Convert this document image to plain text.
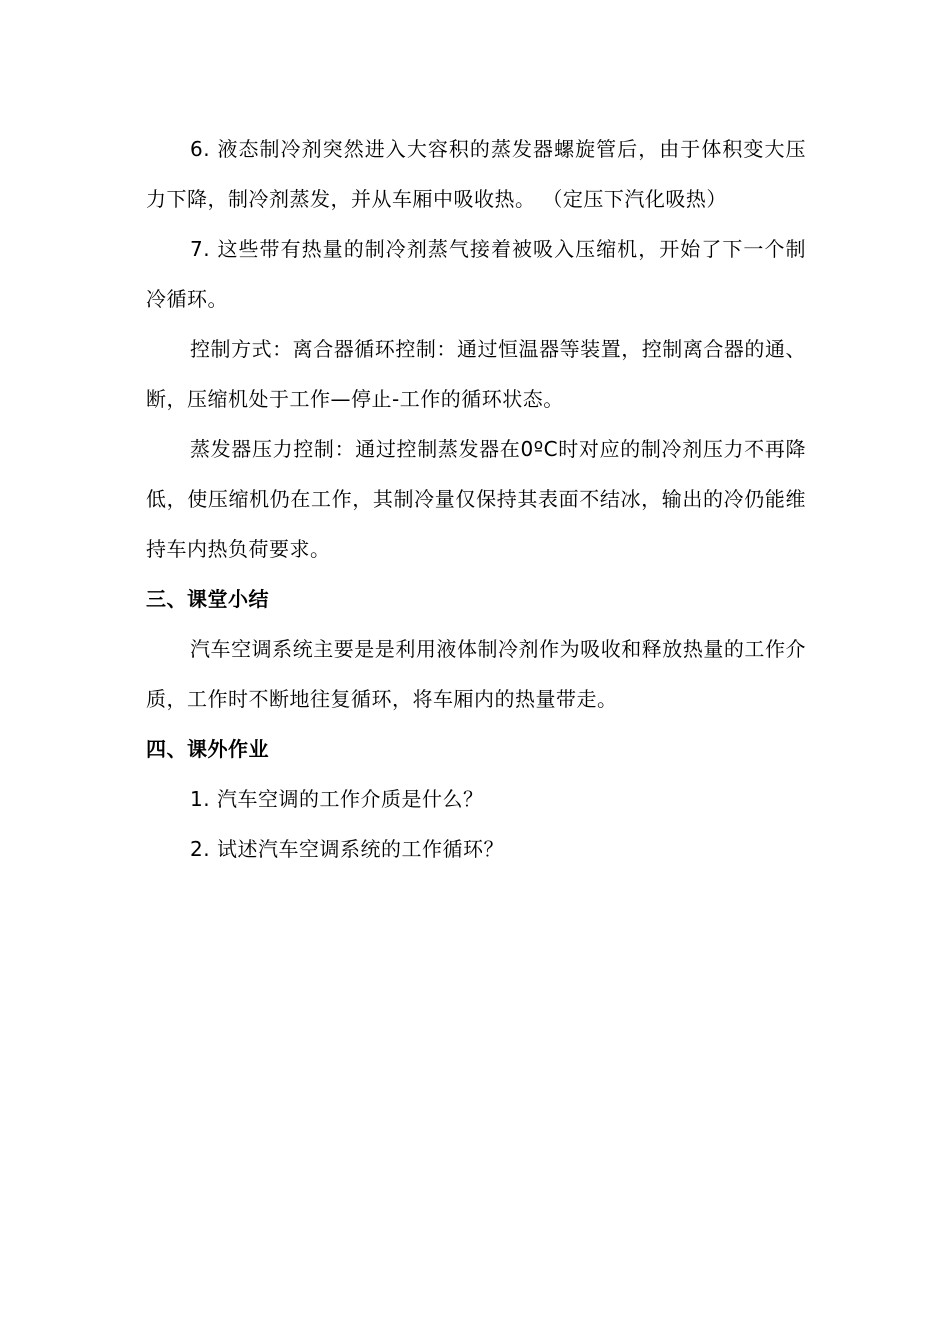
6. 液态制冷剂突然进入大容积的蒸发器螺旋管后，由于体积变大压力下降，制冷剂蒸发，并从车厢中吸收热。 （定压下汽化吸热）

7. 这些带有热量的制冷剂蒸气接着被吸入压缩机，开始了下一个制冷循环。

控制方式：离合器循环控制：通过恒温器等装置，控制离合器的通、断，压缩机处于工作—停止-工作的循环状态。

蒸发器压力控制：通过控制蒸发器在0ºC时对应的制冷剂压力不再降低，使压缩机仍在工作，其制冷量仅保持其表面不结冰，输出的冷仍能维持车内热负荷要求。

三、课堂小结

汽车空调系统主要是是利用液体制冷剂作为吸收和释放热量的工作介质，工作时不断地往复循环，将车厢内的热量带走。

四、课外作业

1. 汽车空调的工作介质是什么？

2. 试述汽车空调系统的工作循环？
